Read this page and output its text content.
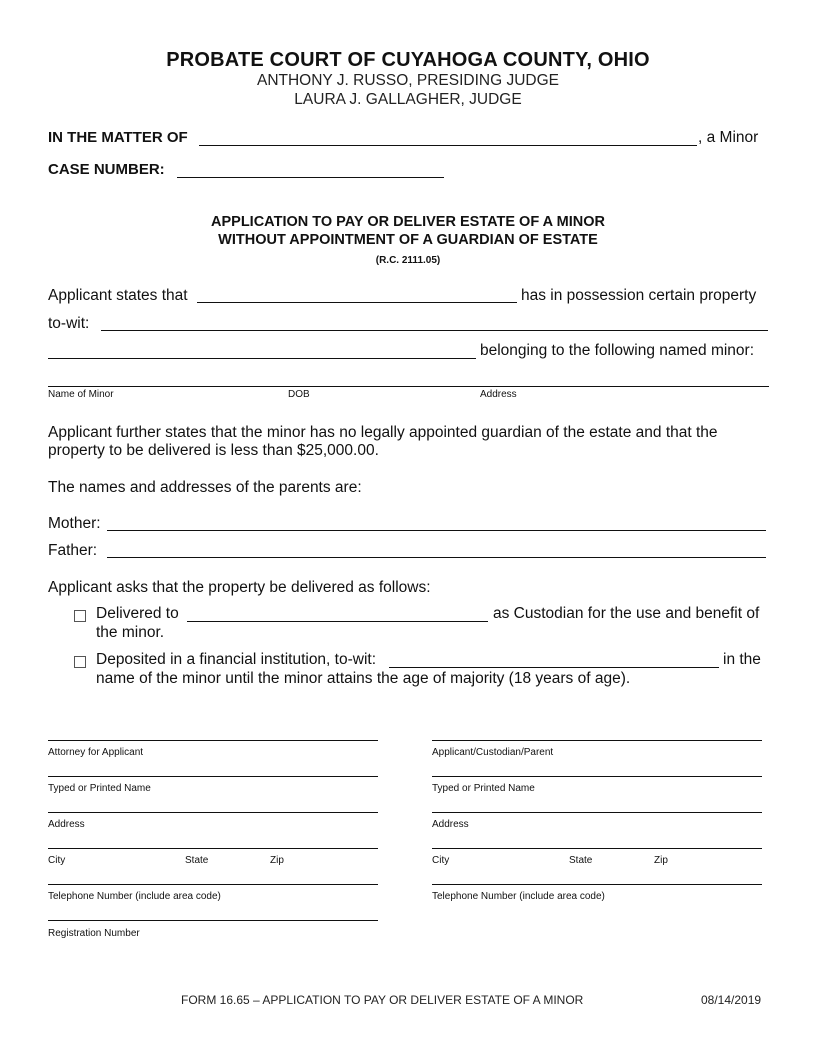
PROBATE COURT OF CUYAHOGA COUNTY, OHIO
ANTHONY J. RUSSO, PRESIDING JUDGE
LAURA J. GALLAGHER, JUDGE
IN THE MATTER OF	, a Minor
CASE NUMBER:
APPLICATION TO PAY OR DELIVER ESTATE OF A MINOR
WITHOUT APPOINTMENT OF A GUARDIAN OF ESTATE
(R.C. 2111.05)
Applicant states that	has in possession certain property
to-wit:
belonging to the following named minor:
Name of Minor	DOB	Address
Applicant further states that the minor has no legally appointed guardian of the estate and that the
property to be delivered is less than $25,000.00.
The names and addresses of the parents are:
Mother:
Father:
Applicant asks that the property be delivered as follows:
Delivered to	as Custodian for the use and benefit of
the minor.
Deposited in a financial institution, to-wit:	in the
name of the minor until the minor attains the age of majority (18 years of age).
Attorney for Applicant
Typed or Printed Name
Address
City	State	Zip
Telephone Number (include area code)
Registration Number
Applicant/Custodian/Parent
Typed or Printed Name
Address
City	State	Zip
Telephone Number (include area code)
FORM 16.65 – APPLICATION TO PAY OR DELIVER ESTATE OF A MINOR	08/14/2019
